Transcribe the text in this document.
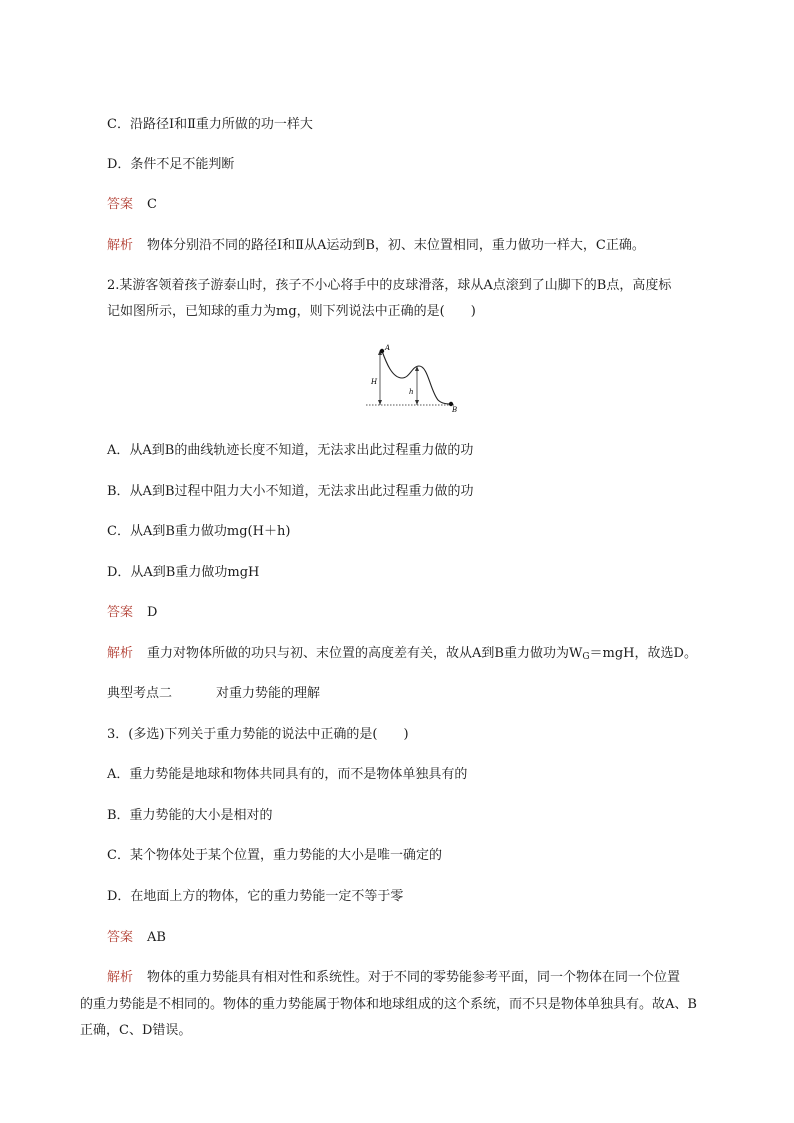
C．沿路径Ⅰ和Ⅱ重力所做的功一样大
D．条件不足不能判断
答案 C
解析 物体分别沿不同的路径Ⅰ和Ⅱ从A运动到B，初、末位置相同，重力做功一样大，C正确。
2.某游客领着孩子游泰山时，孩子不小心将手中的皮球滑落，球从A点滚到了山脚下的B点，高度标
记如图所示，已知球的重力为mg，则下列说法中正确的是(　　)
A
B
H
h
A．从A到B的曲线轨迹长度不知道，无法求出此过程重力做的功
B．从A到B过程中阻力大小不知道，无法求出此过程重力做的功
C．从A到B重力做功mg(H＋h)
D．从A到B重力做功mgH
答案 D
解析 重力对物体所做的功只与初、末位置的高度差有关，故从A到B重力做功为$W_G=mgH$，故选D。
典型考点二	对重力势能的理解
3．(多选)下列关于重力势能的说法中正确的是(　　)
A．重力势能是地球和物体共同具有的，而不是物体单独具有的
B．重力势能的大小是相对的
C．某个物体处于某个位置，重力势能的大小是唯一确定的
D．在地面上方的物体，它的重力势能一定不等于零
答案 AB
解析 物体的重力势能具有相对性和系统性。对于不同的零势能参考平面，同一个物体在同一个位置
的重力势能是不相同的。物体的重力势能属于物体和地球组成的这个系统，而不只是物体单独具有。故A、B
正确，C、D错误。
